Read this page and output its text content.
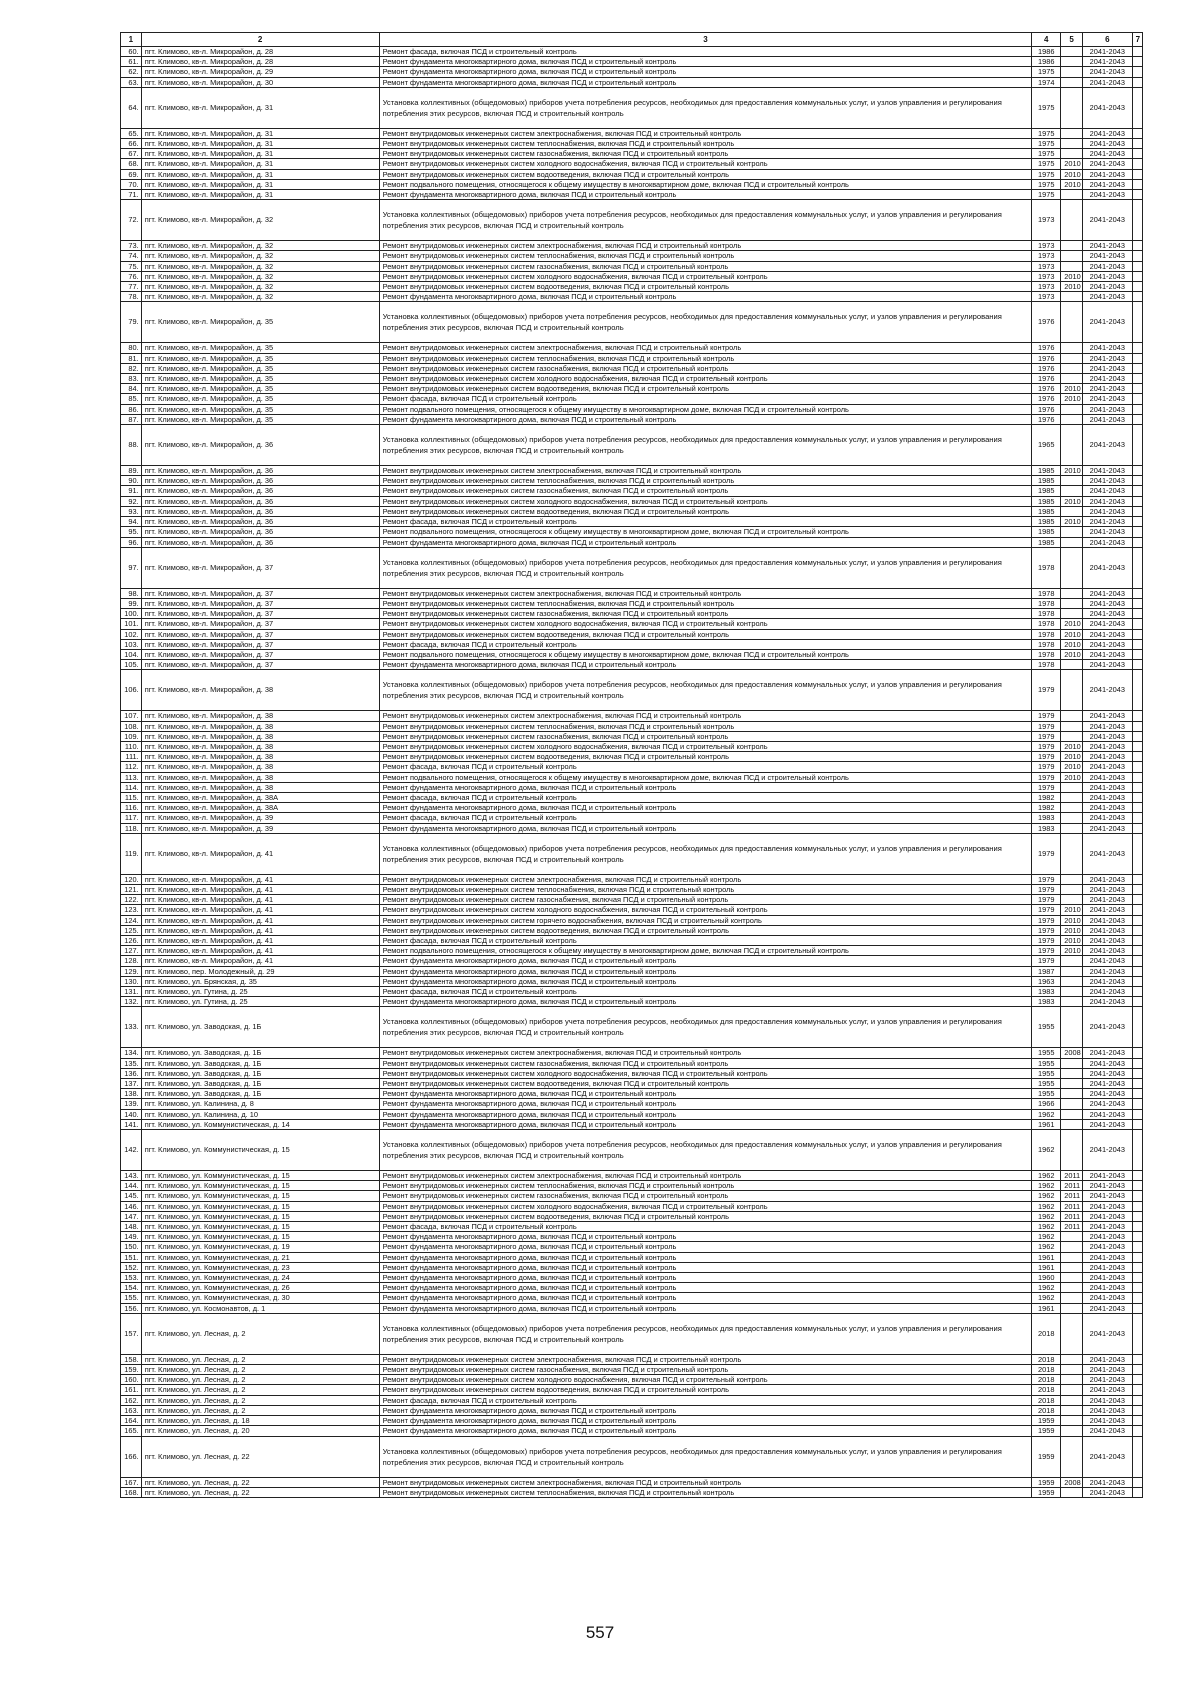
1	2	3	4	5	6	7
60.	пгт. Климово, кв-л. Микрорайон, д. 28	Ремонт фасада, включая ПСД и строительный контроль	1986		2041-2043	
61.	пгт. Климово, кв-л. Микрорайон, д. 28	Ремонт фундамента многоквартирного дома, включая ПСД и строительный контроль	1986		2041-2043	
62.	пгт. Климово, кв-л. Микрорайон, д. 29	Ремонт фундамента многоквартирного дома, включая ПСД и строительный контроль	1975		2041-2043	
63.	пгт. Климово, кв-л. Микрорайон, д. 30	Ремонт фундамента многоквартирного дома, включая ПСД и строительный контроль	1974		2041-2043	
64.	пгт. Климово, кв-л. Микрорайон, д. 31	Установка коллективных (общедомовых) приборов учета потребления ресурсов, необходимых для предоставления коммунальных услуг, и узлов управления и регулирования потребления этих ресурсов, включая ПСД и строительный контроль	1975		2041-2043	
65.	пгт. Климово, кв-л. Микрорайон, д. 31	Ремонт внутридомовых инженерных систем электроснабжения, включая ПСД и строительный контроль	1975		2041-2043	
66.	пгт. Климово, кв-л. Микрорайон, д. 31	Ремонт внутридомовых инженерных систем теплоснабжения, включая ПСД и строительный контроль	1975		2041-2043	
67.	пгт. Климово, кв-л. Микрорайон, д. 31	Ремонт внутридомовых инженерных систем газоснабжения, включая ПСД и строительный контроль	1975		2041-2043	
68.	пгт. Климово, кв-л. Микрорайон, д. 31	Ремонт внутридомовых инженерных систем холодного водоснабжения, включая ПСД и строительный контроль	1975	2010	2041-2043	
69.	пгт. Климово, кв-л. Микрорайон, д. 31	Ремонт внутридомовых инженерных систем водоотведения, включая ПСД и строительный контроль	1975	2010	2041-2043	
70.	пгт. Климово, кв-л. Микрорайон, д. 31	Ремонт подвального помещения, относящегося к общему имуществу в многоквартирном доме, включая ПСД и строительный контроль	1975	2010	2041-2043	
71.	пгт. Климово, кв-л. Микрорайон, д. 31	Ремонт фундамента многоквартирного дома, включая ПСД и строительный контроль	1975		2041-2043	
72.	пгт. Климово, кв-л. Микрорайон, д. 32	Установка коллективных (общедомовых) приборов учета потребления ресурсов, необходимых для предоставления коммунальных услуг, и узлов управления и регулирования потребления этих ресурсов, включая ПСД и строительный контроль	1973		2041-2043	
73.	пгт. Климово, кв-л. Микрорайон, д. 32	Ремонт внутридомовых инженерных систем электроснабжения, включая ПСД и строительный контроль	1973		2041-2043	
74.	пгт. Климово, кв-л. Микрорайон, д. 32	Ремонт внутридомовых инженерных систем теплоснабжения, включая ПСД и строительный контроль	1973		2041-2043	
75.	пгт. Климово, кв-л. Микрорайон, д. 32	Ремонт внутридомовых инженерных систем газоснабжения, включая ПСД и строительный контроль	1973		2041-2043	
76.	пгт. Климово, кв-л. Микрорайон, д. 32	Ремонт внутридомовых инженерных систем холодного водоснабжения, включая ПСД и строительный контроль	1973	2010	2041-2043	
77.	пгт. Климово, кв-л. Микрорайон, д. 32	Ремонт внутридомовых инженерных систем водоотведения, включая ПСД и строительный контроль	1973	2010	2041-2043	
78.	пгт. Климово, кв-л. Микрорайон, д. 32	Ремонт фундамента многоквартирного дома, включая ПСД и строительный контроль	1973		2041-2043	
79.	пгт. Климово, кв-л. Микрорайон, д. 35	Установка коллективных (общедомовых) приборов учета потребления ресурсов, необходимых для предоставления коммунальных услуг, и узлов управления и регулирования потребления этих ресурсов, включая ПСД и строительный контроль	1976		2041-2043	
80.	пгт. Климово, кв-л. Микрорайон, д. 35	Ремонт внутридомовых инженерных систем электроснабжения, включая ПСД и строительный контроль	1976		2041-2043	
81.	пгт. Климово, кв-л. Микрорайон, д. 35	Ремонт внутридомовых инженерных систем теплоснабжения, включая ПСД и строительный контроль	1976		2041-2043	
82.	пгт. Климово, кв-л. Микрорайон, д. 35	Ремонт внутридомовых инженерных систем газоснабжения, включая ПСД и строительный контроль	1976		2041-2043	
83.	пгт. Климово, кв-л. Микрорайон, д. 35	Ремонт внутридомовых инженерных систем холодного водоснабжения, включая ПСД и строительный контроль	1976		2041-2043	
84.	пгт. Климово, кв-л. Микрорайон, д. 35	Ремонт внутридомовых инженерных систем водоотведения, включая ПСД и строительный контроль	1976	2010	2041-2043	
85.	пгт. Климово, кв-л. Микрорайон, д. 35	Ремонт фасада, включая ПСД и строительный контроль	1976	2010	2041-2043	
86.	пгт. Климово, кв-л. Микрорайон, д. 35	Ремонт подвального помещения, относящегося к общему имуществу в многоквартирном доме, включая ПСД и строительный контроль	1976		2041-2043	
87.	пгт. Климово, кв-л. Микрорайон, д. 35	Ремонт фундамента многоквартирного дома, включая ПСД и строительный контроль	1976		2041-2043	
88.	пгт. Климово, кв-л. Микрорайон, д. 36	Установка коллективных (общедомовых) приборов учета потребления ресурсов, необходимых для предоставления коммунальных услуг, и узлов управления и регулирования потребления этих ресурсов, включая ПСД и строительный контроль	1965		2041-2043	
89.	пгт. Климово, кв-л. Микрорайон, д. 36	Ремонт внутридомовых инженерных систем электроснабжения, включая ПСД и строительный контроль	1985	2010	2041-2043	
90.	пгт. Климово, кв-л. Микрорайон, д. 36	Ремонт внутридомовых инженерных систем теплоснабжения, включая ПСД и строительный контроль	1985		2041-2043	
91.	пгт. Климово, кв-л. Микрорайон, д. 36	Ремонт внутридомовых инженерных систем газоснабжения, включая ПСД и строительный контроль	1985		2041-2043	
92.	пгт. Климово, кв-л. Микрорайон, д. 36	Ремонт внутридомовых инженерных систем холодного водоснабжения, включая ПСД и строительный контроль	1985	2010	2041-2043	
93.	пгт. Климово, кв-л. Микрорайон, д. 36	Ремонт внутридомовых инженерных систем водоотведения, включая ПСД и строительный контроль	1985		2041-2043	
94.	пгт. Климово, кв-л. Микрорайон, д. 36	Ремонт фасада, включая ПСД и строительный контроль	1985	2010	2041-2043	
95.	пгт. Климово, кв-л. Микрорайон, д. 36	Ремонт подвального помещения, относящегося к общему имуществу в многоквартирном доме, включая ПСД и строительный контроль	1985		2041-2043	
96.	пгт. Климово, кв-л. Микрорайон, д. 36	Ремонт фундамента многоквартирного дома, включая ПСД и строительный контроль	1985		2041-2043	
97.	пгт. Климово, кв-л. Микрорайон, д. 37	Установка коллективных (общедомовых) приборов учета потребления ресурсов, необходимых для предоставления коммунальных услуг, и узлов управления и регулирования потребления этих ресурсов, включая ПСД и строительный контроль	1978		2041-2043	
98.	пгт. Климово, кв-л. Микрорайон, д. 37	Ремонт внутридомовых инженерных систем электроснабжения, включая ПСД и строительный контроль	1978		2041-2043	
99.	пгт. Климово, кв-л. Микрорайон, д. 37	Ремонт внутридомовых инженерных систем теплоснабжения, включая ПСД и строительный контроль	1978		2041-2043	
100.	пгт. Климово, кв-л. Микрорайон, д. 37	Ремонт внутридомовых инженерных систем газоснабжения, включая ПСД и строительный контроль	1978		2041-2043	
101.	пгт. Климово, кв-л. Микрорайон, д. 37	Ремонт внутридомовых инженерных систем холодного водоснабжения, включая ПСД и строительный контроль	1978	2010	2041-2043	
102.	пгт. Климово, кв-л. Микрорайон, д. 37	Ремонт внутридомовых инженерных систем водоотведения, включая ПСД и строительный контроль	1978	2010	2041-2043	
103.	пгт. Климово, кв-л. Микрорайон, д. 37	Ремонт фасада, включая ПСД и строительный контроль	1978	2010	2041-2043	
104.	пгт. Климово, кв-л. Микрорайон, д. 37	Ремонт подвального помещения, относящегося к общему имуществу в многоквартирном доме, включая ПСД и строительный контроль	1978	2010	2041-2043	
105.	пгт. Климово, кв-л. Микрорайон, д. 37	Ремонт фундамента многоквартирного дома, включая ПСД и строительный контроль	1978		2041-2043	
106.	пгт. Климово, кв-л. Микрорайон, д. 38	Установка коллективных (общедомовых) приборов учета потребления ресурсов, необходимых для предоставления коммунальных услуг, и узлов управления и регулирования потребления этих ресурсов, включая ПСД и строительный контроль	1979		2041-2043	
107.	пгт. Климово, кв-л. Микрорайон, д. 38	Ремонт внутридомовых инженерных систем электроснабжения, включая ПСД и строительный контроль	1979		2041-2043	
108.	пгт. Климово, кв-л. Микрорайон, д. 38	Ремонт внутридомовых инженерных систем теплоснабжения, включая ПСД и строительный контроль	1979		2041-2043	
109.	пгт. Климово, кв-л. Микрорайон, д. 38	Ремонт внутридомовых инженерных систем газоснабжения, включая ПСД и строительный контроль	1979		2041-2043	
110.	пгт. Климово, кв-л. Микрорайон, д. 38	Ремонт внутридомовых инженерных систем холодного водоснабжения, включая ПСД и строительный контроль	1979	2010	2041-2043	
111.	пгт. Климово, кв-л. Микрорайон, д. 38	Ремонт внутридомовых инженерных систем водоотведения, включая ПСД и строительный контроль	1979	2010	2041-2043	
112.	пгт. Климово, кв-л. Микрорайон, д. 38	Ремонт фасада, включая ПСД и строительный контроль	1979	2010	2041-2043	
113.	пгт. Климово, кв-л. Микрорайон, д. 38	Ремонт подвального помещения, относящегося к общему имуществу в многоквартирном доме, включая ПСД и строительный контроль	1979	2010	2041-2043	
114.	пгт. Климово, кв-л. Микрорайон, д. 38	Ремонт фундамента многоквартирного дома, включая ПСД и строительный контроль	1979		2041-2043	
115.	пгт. Климово, кв-л. Микрорайон, д. 38А	Ремонт фасада, включая ПСД и строительный контроль	1982		2041-2043	
116.	пгт. Климово, кв-л. Микрорайон, д. 38А	Ремонт фундамента многоквартирного дома, включая ПСД и строительный контроль	1982		2041-2043	
117.	пгт. Климово, кв-л. Микрорайон, д. 39	Ремонт фасада, включая ПСД и строительный контроль	1983		2041-2043	
118.	пгт. Климово, кв-л. Микрорайон, д. 39	Ремонт фундамента многоквартирного дома, включая ПСД и строительный контроль	1983		2041-2043	
119.	пгт. Климово, кв-л. Микрорайон, д. 41	Установка коллективных (общедомовых) приборов учета потребления ресурсов, необходимых для предоставления коммунальных услуг, и узлов управления и регулирования потребления этих ресурсов, включая ПСД и строительный контроль	1979		2041-2043	
120.	пгт. Климово, кв-л. Микрорайон, д. 41	Ремонт внутридомовых инженерных систем электроснабжения, включая ПСД и строительный контроль	1979		2041-2043	
121.	пгт. Климово, кв-л. Микрорайон, д. 41	Ремонт внутридомовых инженерных систем теплоснабжения, включая ПСД и строительный контроль	1979		2041-2043	
122.	пгт. Климово, кв-л. Микрорайон, д. 41	Ремонт внутридомовых инженерных систем газоснабжения, включая ПСД и строительный контроль	1979		2041-2043	
123.	пгт. Климово, кв-л. Микрорайон, д. 41	Ремонт внутридомовых инженерных систем холодного водоснабжения, включая ПСД и строительный контроль	1979	2010	2041-2043	
124.	пгт. Климово, кв-л. Микрорайон, д. 41	Ремонт внутридомовых инженерных систем горячего водоснабжения, включая ПСД и строительный контроль	1979	2010	2041-2043	
125.	пгт. Климово, кв-л. Микрорайон, д. 41	Ремонт внутридомовых инженерных систем водоотведения, включая ПСД и строительный контроль	1979	2010	2041-2043	
126.	пгт. Климово, кв-л. Микрорайон, д. 41	Ремонт фасада, включая ПСД и строительный контроль	1979	2010	2041-2043	
127.	пгт. Климово, кв-л. Микрорайон, д. 41	Ремонт подвального помещения, относящегося к общему имуществу в многоквартирном доме, включая ПСД и строительный контроль	1979	2010	2041-2043	
128.	пгт. Климово, кв-л. Микрорайон, д. 41	Ремонт фундамента многоквартирного дома, включая ПСД и строительный контроль	1979		2041-2043	
129.	пгт. Климово, пер. Молодежный, д. 29	Ремонт фундамента многоквартирного дома, включая ПСД и строительный контроль	1987		2041-2043	
130.	пгт. Климово, ул. Брянская, д. 35	Ремонт фундамента многоквартирного дома, включая ПСД и строительный контроль	1963		2041-2043	
131.	пгт. Климово, ул. Гутина, д. 25	Ремонт фасада, включая ПСД и строительный контроль	1983		2041-2043	
132.	пгт. Климово, ул. Гутина, д. 25	Ремонт фундамента многоквартирного дома, включая ПСД и строительный контроль	1983		2041-2043	
133.	пгт. Климово, ул. Заводская, д. 1Б	Установка коллективных (общедомовых) приборов учета потребления ресурсов, необходимых для предоставления коммунальных услуг, и узлов управления и регулирования потребления этих ресурсов, включая ПСД и строительный контроль	1955		2041-2043	
134.	пгт. Климово, ул. Заводская, д. 1Б	Ремонт внутридомовых инженерных систем электроснабжения, включая ПСД и строительный контроль	1955	2008	2041-2043	
135.	пгт. Климово, ул. Заводская, д. 1Б	Ремонт внутридомовых инженерных систем газоснабжения, включая ПСД и строительный контроль	1955		2041-2043	
136.	пгт. Климово, ул. Заводская, д. 1Б	Ремонт внутридомовых инженерных систем холодного водоснабжения, включая ПСД и строительный контроль	1955		2041-2043	
137.	пгт. Климово, ул. Заводская, д. 1Б	Ремонт внутридомовых инженерных систем водоотведения, включая ПСД и строительный контроль	1955		2041-2043	
138.	пгт. Климово, ул. Заводская, д. 1Б	Ремонт фундамента многоквартирного дома, включая ПСД и строительный контроль	1955		2041-2043	
139.	пгт. Климово, ул. Калинина, д. 8	Ремонт фундамента многоквартирного дома, включая ПСД и строительный контроль	1966		2041-2043	
140.	пгт. Климово, ул. Калинина, д. 10	Ремонт фундамента многоквартирного дома, включая ПСД и строительный контроль	1962		2041-2043	
141.	пгт. Климово, ул. Коммунистическая, д. 14	Ремонт фундамента многоквартирного дома, включая ПСД и строительный контроль	1961		2041-2043	
142.	пгт. Климово, ул. Коммунистическая, д. 15	Установка коллективных (общедомовых) приборов учета потребления ресурсов, необходимых для предоставления коммунальных услуг, и узлов управления и регулирования потребления этих ресурсов, включая ПСД и строительный контроль	1962		2041-2043	
143.	пгт. Климово, ул. Коммунистическая, д. 15	Ремонт внутридомовых инженерных систем электроснабжения, включая ПСД и строительный контроль	1962	2011	2041-2043	
144.	пгт. Климово, ул. Коммунистическая, д. 15	Ремонт внутридомовых инженерных систем теплоснабжения, включая ПСД и строительный контроль	1962	2011	2041-2043	
145.	пгт. Климово, ул. Коммунистическая, д. 15	Ремонт внутридомовых инженерных систем газоснабжения, включая ПСД и строительный контроль	1962	2011	2041-2043	
146.	пгт. Климово, ул. Коммунистическая, д. 15	Ремонт внутридомовых инженерных систем холодного водоснабжения, включая ПСД и строительный контроль	1962	2011	2041-2043	
147.	пгт. Климово, ул. Коммунистическая, д. 15	Ремонт внутридомовых инженерных систем водоотведения, включая ПСД и строительный контроль	1962	2011	2041-2043	
148.	пгт. Климово, ул. Коммунистическая, д. 15	Ремонт фасада, включая ПСД и строительный контроль	1962	2011	2041-2043	
149.	пгт. Климово, ул. Коммунистическая, д. 15	Ремонт фундамента многоквартирного дома, включая ПСД и строительный контроль	1962		2041-2043	
150.	пгт. Климово, ул. Коммунистическая, д. 19	Ремонт фундамента многоквартирного дома, включая ПСД и строительный контроль	1962		2041-2043	
151.	пгт. Климово, ул. Коммунистическая, д. 21	Ремонт фундамента многоквартирного дома, включая ПСД и строительный контроль	1961		2041-2043	
152.	пгт. Климово, ул. Коммунистическая, д. 23	Ремонт фундамента многоквартирного дома, включая ПСД и строительный контроль	1961		2041-2043	
153.	пгт. Климово, ул. Коммунистическая, д. 24	Ремонт фундамента многоквартирного дома, включая ПСД и строительный контроль	1960		2041-2043	
154.	пгт. Климово, ул. Коммунистическая, д. 26	Ремонт фундамента многоквартирного дома, включая ПСД и строительный контроль	1962		2041-2043	
155.	пгт. Климово, ул. Коммунистическая, д. 30	Ремонт фундамента многоквартирного дома, включая ПСД и строительный контроль	1962		2041-2043	
156.	пгт. Климово, ул. Космонавтов, д. 1	Ремонт фундамента многоквартирного дома, включая ПСД и строительный контроль	1961		2041-2043	
157.	пгт. Климово, ул. Лесная, д. 2	Установка коллективных (общедомовых) приборов учета потребления ресурсов, необходимых для предоставления коммунальных услуг, и узлов управления и регулирования потребления этих ресурсов, включая ПСД и строительный контроль	2018		2041-2043	
158.	пгт. Климово, ул. Лесная, д. 2	Ремонт внутридомовых инженерных систем электроснабжения, включая ПСД и строительный контроль	2018		2041-2043	
159.	пгт. Климово, ул. Лесная, д. 2	Ремонт внутридомовых инженерных систем газоснабжения, включая ПСД и строительный контроль	2018		2041-2043	
160.	пгт. Климово, ул. Лесная, д. 2	Ремонт внутридомовых инженерных систем холодного водоснабжения, включая ПСД и строительный контроль	2018		2041-2043	
161.	пгт. Климово, ул. Лесная, д. 2	Ремонт внутридомовых инженерных систем водоотведения, включая ПСД и строительный контроль	2018		2041-2043	
162.	пгт. Климово, ул. Лесная, д. 2	Ремонт фасада, включая ПСД и строительный контроль	2018		2041-2043	
163.	пгт. Климово, ул. Лесная, д. 2	Ремонт фундамента многоквартирного дома, включая ПСД и строительный контроль	2018		2041-2043	
164.	пгт. Климово, ул. Лесная, д. 18	Ремонт фундамента многоквартирного дома, включая ПСД и строительный контроль	1959		2041-2043	
165.	пгт. Климово, ул. Лесная, д. 20	Ремонт фундамента многоквартирного дома, включая ПСД и строительный контроль	1959		2041-2043	
166.	пгт. Климово, ул. Лесная, д. 22	Установка коллективных (общедомовых) приборов учета потребления ресурсов, необходимых для предоставления коммунальных услуг, и узлов управления и регулирования потребления этих ресурсов, включая ПСД и строительный контроль	1959		2041-2043	
167.	пгт. Климово, ул. Лесная, д. 22	Ремонт внутридомовых инженерных систем электроснабжения, включая ПСД и строительный контроль	1959	2008	2041-2043	
168.	пгт. Климово, ул. Лесная, д. 22	Ремонт внутридомовых инженерных систем теплоснабжения, включая ПСД и строительный контроль	1959		2041-2043	
557
